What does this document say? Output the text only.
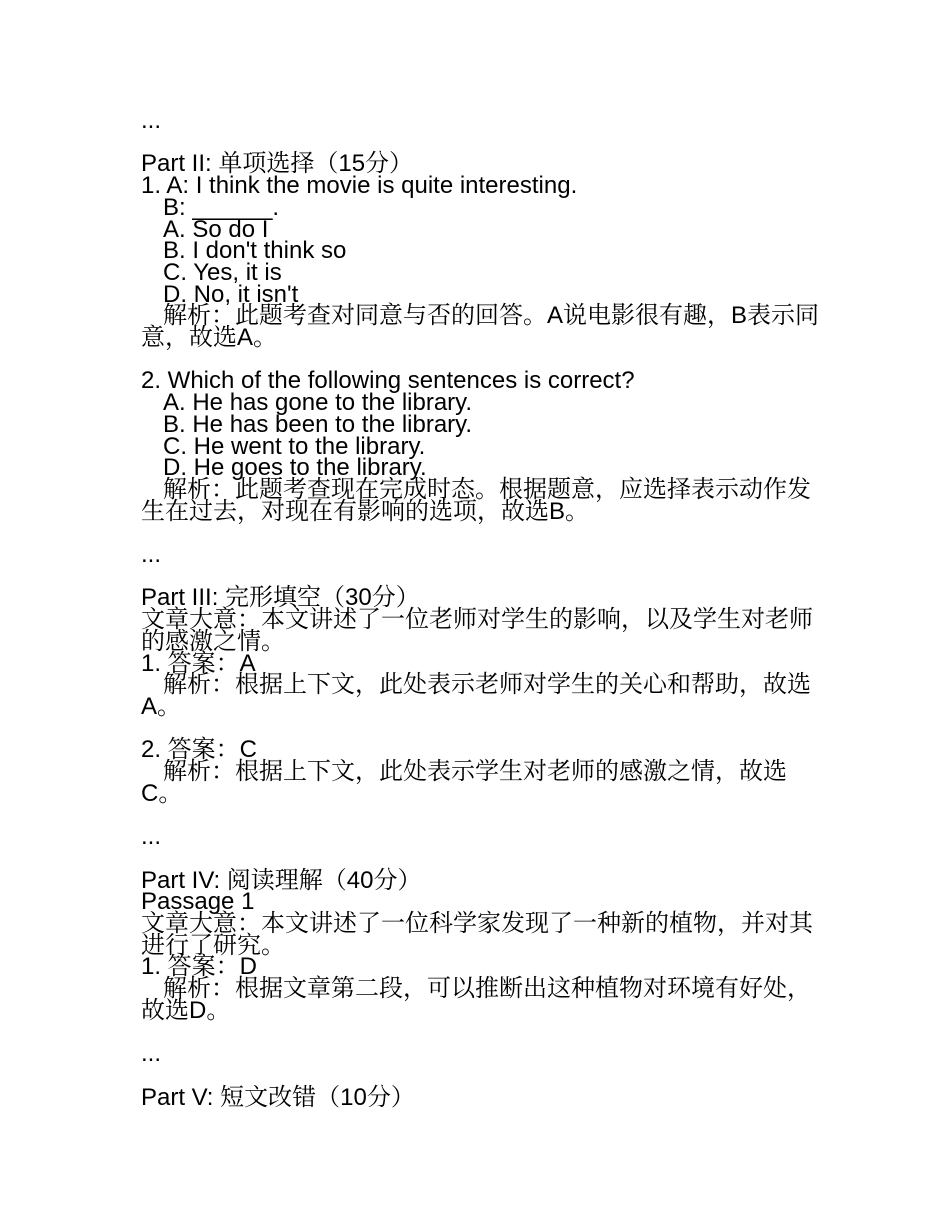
...

Part II: 单项选择（15分）

1. A: I think the movie is quite interesting.

B: ______.

A. So do I

B. I don't think so

C. Yes, it is

D. No, it isn't

解析：此题考查对同意与否的回答。A说电影很有趣，B表示同意，故选A。

2. Which of the following sentences is correct?

A. He has gone to the library.

B. He has been to the library.

C. He went to the library.

D. He goes to the library.

解析：此题考查现在完成时态。根据题意，应选择表示动作发生在过去，对现在有影响的选项，故选B。

...

Part III: 完形填空（30分）

文章大意：本文讲述了一位老师对学生的影响，以及学生对老师的感激之情。

1. 答案：A

解析：根据上下文，此处表示老师对学生的关心和帮助，故选A。

2. 答案：C

解析：根据上下文，此处表示学生对老师的感激之情，故选C。

...

Part IV: 阅读理解（40分）

Passage 1

文章大意：本文讲述了一位科学家发现了一种新的植物，并对其进行了研究。

1. 答案：D

解析：根据文章第二段，可以推断出这种植物对环境有好处，故选D。

...

Part V: 短文改错（10分）
